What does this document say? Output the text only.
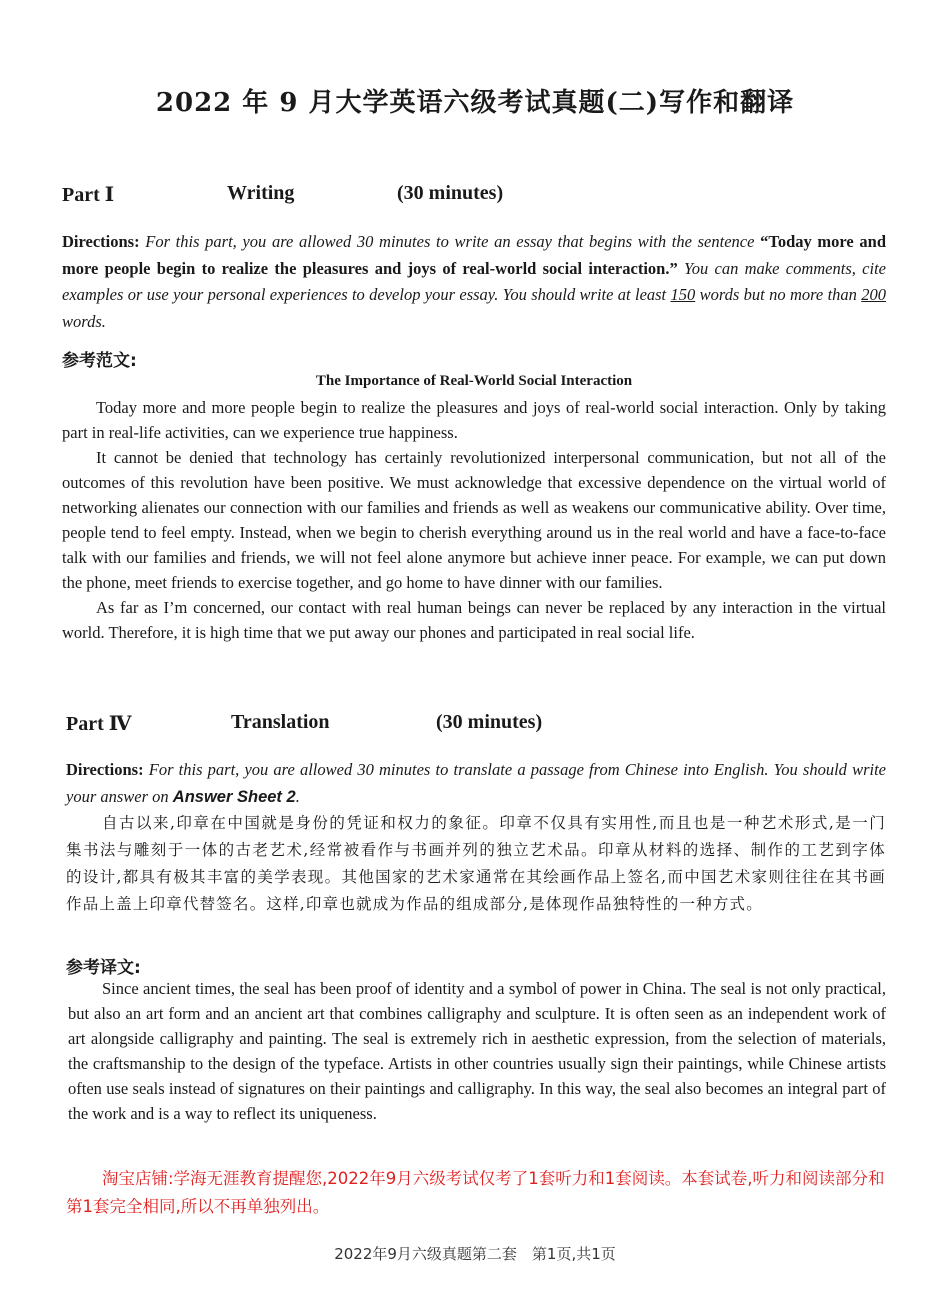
2022 年 9 月大学英语六级考试真题(二)写作和翻译
Part Ⅰ	Writing	(30 minutes)

Directions: For this part, you are allowed 30 minutes to write an essay that begins with the sentence “Today more and more people begin to realize the pleasures and joys of real-world social interaction.” You can make comments, cite examples or use your personal experiences to develop your essay. You should write at least 150 words but no more than 200 words.

参考范文:
The Importance of Real-World Social Interaction

Today more and more people begin to realize the pleasures and joys of real-world social interaction. Only by taking part in real-life activities, can we experience true happiness.

It cannot be denied that technology has certainly revolutionized interpersonal communication, but not all of the outcomes of this revolution have been positive. We must acknowledge that excessive dependence on the virtual world of networking alienates our connection with our families and friends as well as weakens our communicative ability. Over time, people tend to feel empty. Instead, when we begin to cherish everything around us in the real world and have a face-to-face talk with our families and friends, we will not feel alone anymore but achieve inner peace. For example, we can put down the phone, meet friends to exercise together, and go home to have dinner with our families.

As far as I’m concerned, our contact with real human beings can never be replaced by any interaction in the virtual world. Therefore, it is high time that we put away our phones and participated in real social life.

Part Ⅳ	Translation	(30 minutes)

Directions: For this part, you are allowed 30 minutes to translate a passage from Chinese into English. You should write your answer on Answer Sheet 2.

自古以来,印章在中国就是身份的凭证和权力的象征。印章不仅具有实用性,而且也是一种艺术形式,是一门集书法与雕刻于一体的古老艺术,经常被看作与书画并列的独立艺术品。印章从材料的选择、制作的工艺到字体的设计,都具有极其丰富的美学表现。其他国家的艺术家通常在其绘画作品上签名,而中国艺术家则往往在其书画作品上盖上印章代替签名。这样,印章也就成为作品的组成部分,是体现作品独特性的一种方式。

参考译文:

Since ancient times, the seal has been proof of identity and a symbol of power in China. The seal is not only practical, but also an art form and an ancient art that combines calligraphy and sculpture. It is often seen as an independent work of art alongside calligraphy and painting. The seal is extremely rich in aesthetic expression, from the selection of materials, the craftsmanship to the design of the typeface. Artists in other countries usually sign their paintings, while Chinese artists often use seals instead of signatures on their paintings and calligraphy. In this way, the seal also becomes an integral part of the work and is a way to reflect its uniqueness.

淘宝店铺:学海无涯教育提醒您,2022年9月六级考试仅考了1套听力和1套阅读。本套试卷,听力和阅读部分和第1套完全相同,所以不再单独列出。

2022年9月六级真题第二套　第1页,共1页
